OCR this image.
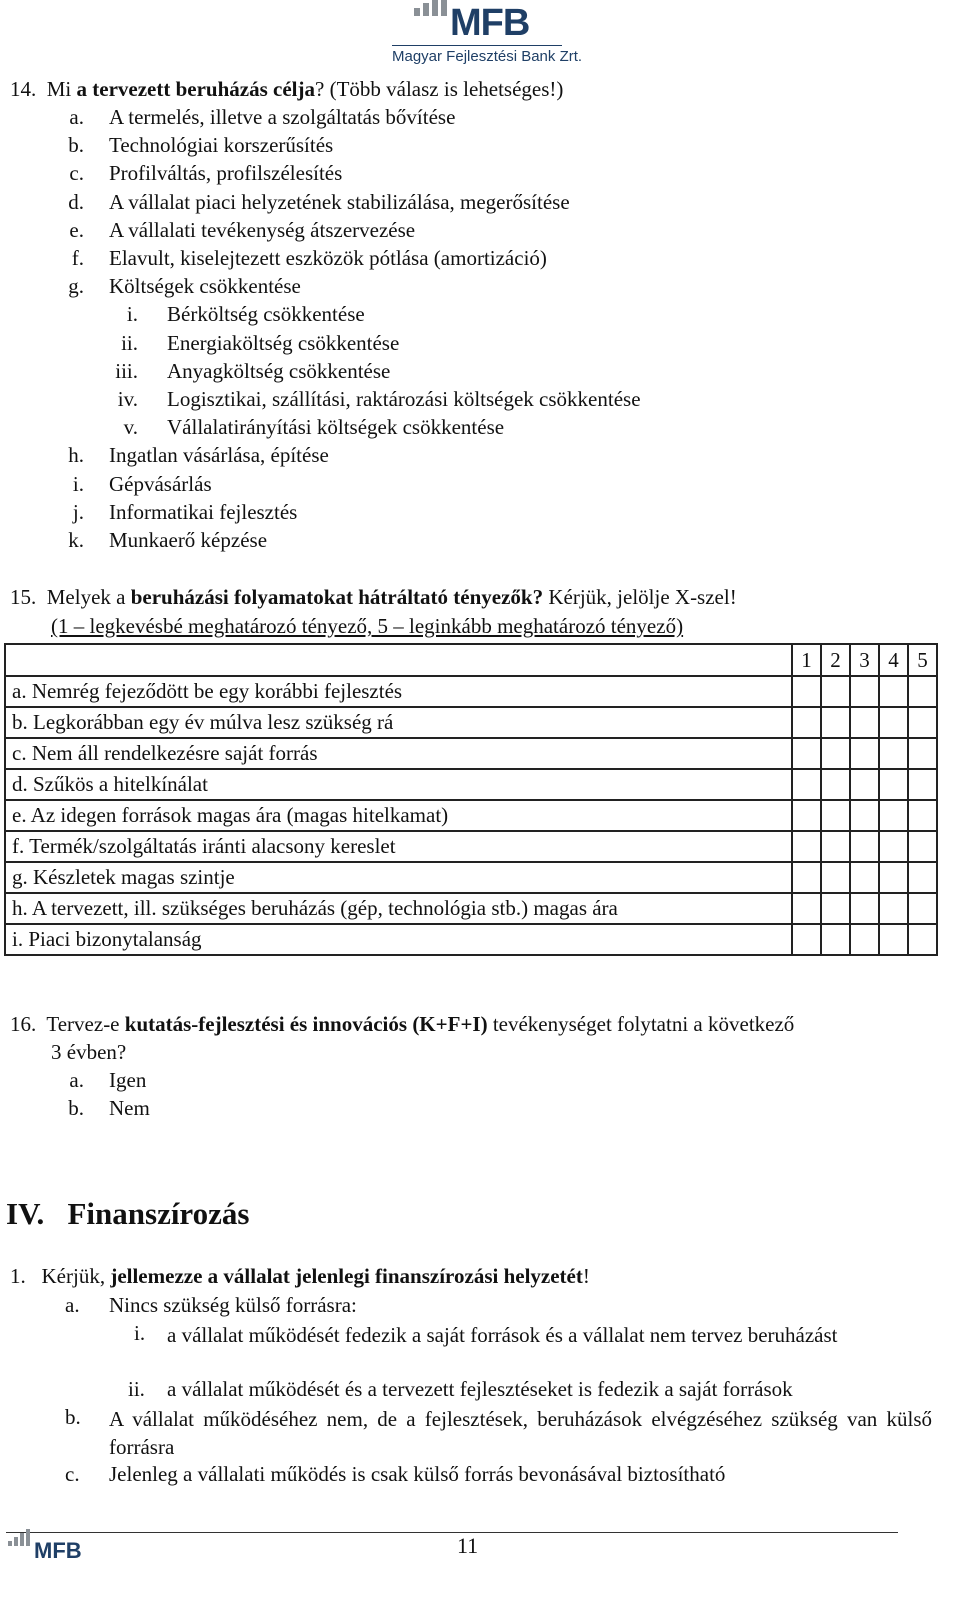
MFB
Magyar Fejlesztési Bank Zrt.
14. Mi a tervezett beruházás célja? (Több válasz is lehetséges!)
a. A termelés, illetve a szolgáltatás bővítése
b. Technológiai korszerűsítés
c. Profilváltás, profilszélesítés
d. A vállalat piaci helyzetének stabilizálása, megerősítése
e. A vállalati tevékenység átszervezése
f. Elavult, kiselejtezett eszközök pótlása (amortizáció)
g. Költségek csökkentése
i. Bérköltség csökkentése
ii. Energiaköltség csökkentése
iii. Anyagköltség csökkentése
iv. Logisztikai, szállítási, raktározási költségek csökkentése
v. Vállalatirányítási költségek csökkentése
h. Ingatlan vásárlása, építése
i. Gépvásárlás
j. Informatikai fejlesztés
k. Munkaerő képzése
15. Melyek a beruházási folyamatokat hátráltató tényezők? Kérjük, jelölje X-szel!
(1 – legkevésbé meghatározó tényező, 5 – leginkább meghatározó tényező)
	1	2	3	4	5
a. Nemrég fejeződött be egy korábbi fejlesztés					
b. Legkorábban egy év múlva lesz szükség rá					
c. Nem áll rendelkezésre saját forrás					
d. Szűkös a hitelkínálat					
e. Az idegen források magas ára (magas hitelkamat)					
f. Termék/szolgáltatás iránti alacsony kereslet					
g. Készletek magas szintje					
h. A tervezett, ill. szükséges beruházás (gép, technológia stb.) magas ára					
i. Piaci bizonytalanság					
16. Tervez-e kutatás-fejlesztési és innovációs (K+F+I) tevékenységet folytatni a következő
3 évben?
a. Igen
b. Nem
IV. Finanszírozás
1. Kérjük, jellemezze a vállalat jelenlegi finanszírozási helyzetét!
a. Nincs szükség külső forrásra:
i. a vállalat működését fedezik a saját források és a vállalat nem tervez beruházást
ii. a vállalat működését és a tervezett fejlesztéseket is fedezik a saját források
b. A vállalat működéséhez nem, de a fejlesztések, beruházások elvégzéséhez szükség van külső forrásra
c. Jelenleg a vállalati működés is csak külső forrás bevonásával biztosítható
MFB	11
